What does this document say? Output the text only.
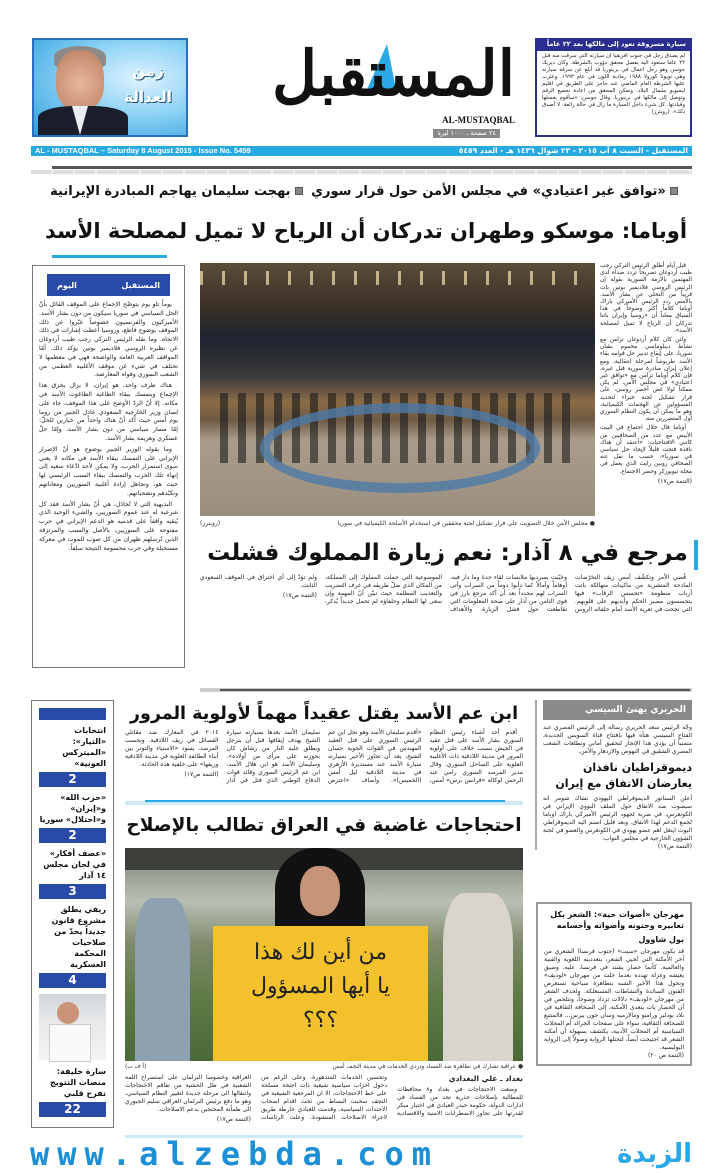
زمن العدالة المستقبل
AL-MUSTAQBAL
٢٤ صفحة ـ ١٠٠٠ ليرة
سيارة مسروقة تعود إلى مالكها بعد ٢٢ عاماً
لم يصدق رجل في جنوب افريقيا ان سيارته التي سرقت منه قبل ٢٢ عاما ستعود اليه بفضل محقق دؤوب بالشرطة. وكان ديريك جوسن وهو رجل اعمال في بريتوريا قد أبلغ عن سرقة سيارته وهي تويوتا كورولا ١٩٨٨ رمادية اللون في عام ١٩٩٣. وعثرت عليها الشرطة العام الماضي عند حاجز على الطريق في اقليم ليمبوبو بشمال البلاد. وتمكن المحقق من اعادة تجميع الرقم وتوصل إلى مالكها في بريتوريا. وقال جوسن: «سأقوم بغسلها وقيادتها. كل شيء داخل السيارة ما زال في حالة رائعة. لا أصدق ذلك». (رويترز)
AL - MUSTAQBAL – Saturday 8 August 2015 - Issue No. 5459	المستقبل - السبت ٨ آب ٢٠١٥ - ٢٣ شوال ١٤٣٦ هـ - العدد ٥٤٥٩
«توافق غير اعتيادي» في مجلس الأمن حول قرار سوري بهجت سليمان يهاجم المبادرة الإيرانية
أوباما: موسكو وطهران تدركان أن الرياح لا تميل لمصلحة الأسد
المستقبل
اليوم

يوماً تلو يوم يتوضّح الإجماع على الموقف القائل بأنّ الحل السياسي في سوريا سيكون من دون بشار الأسد. الأميركيون والفرنسيون خصوصاً عبّروا عن ذلك الموقف بوضوح قاطع، وروسيا أعطت إشارات في ذلك الاتجاه. وما نقله الرئيس التركي رجب طيب أردوغان عن نظيره الروسي فلاديمير بوتين يؤكد ذلك. أمّا المواقف العربية العامة والواضحة فهي في معظمها لا تختلف في شيء عن موقف الأغلبية العظمى من الشعب السوري وقواه المعارضة.

هناك طرف واحد، هو إيران، لا يزال يخرق هذا الإجماع ويتمسك ببقاء الطاغية الطاغوت الأسد في مكانه. إلا أنّ الردّ الأوضح على هذا الموقف، جاء على لسان وزير الخارجية السعودي عادل الجبير من روما يوم أمس حيث أكد أنّ هناك واحداً من خيارين للحلّ: إمّا مسار سياسي من دون بشار الأسد، وإمّا حلّ عسكري وهزيمة بشار الأسد.

وما يقوله الوزير الجبير بوضوح هو أنّ الإصرار الإيراني على التمسك ببقاء الأسد في مكانه لا يعني سوى استمرار الحرب، ولا يمكن لأحد ادّعاء سعيه إلى إنهاء تلك الحرب والتمسك ببقاء السبب الرئيسي لها حيث هو، وتجاهل إرادة أغلبية السوريين ومعاناتهم وتكبّدهم وتضحياتهم.

البديهية التي لا تُجادَل، هي أنّ بشار الأسد فقد كل شرعية له عند عموم السوريين، والشيء الوحيد الذي يُبقيه واقفاً على قدميه هو الدعم الإيراني في حرب مفتوحة على السوريين، بالأصل والسبب والمرتزقة الذين تُرسلهم طهران من كل صوب للموت في معركة مستحيلة وفي حرب محسومة النتيجة سلفاً.

(رويترز)	● مجلس الأمن خلال التصويت على قرار تشكيل لجنة محققين في استخدام الأسلحة الكيميائية في سوريا

قبل أيام أطلق الرئيس التركي رجب طيب أردوغان تصريحاً تردد صداه لدى المهتمين بالأزمة السورية بقوله إن الرئيس الروسي فلاديمير بوتين بات قريباً من التخلي عن بشار الأسد. بالأمس ردد الرئيس الأميركي باراك أوباما كلاماً أكثر وضوحاً في هذا السياق معلناً أن «روسيا وإيران باتتا تدركان أن الرياح لا تميل لمصلحة الأسد».

ولئن كان كلام أردوغان تزامن مع نشاط ديبلوماسي محموم بشأن سوريا، على إيقاع تدبير حل قوامه بقاء الأسد طربوشاً لمرحلة انتقالية، ومع إعلان إيران مبادرة سورية قبل غيره، فإن كلام أوباما تزامن مع «توافق غير اعتيادي» في مجلس الأمن، لم يكن ممكناً لولا غض أخضر روسي، على قرار تشكيل لجنة خبراء لتحديد المسؤولين عن الهجمات الكيميائية، وهو ما يمكن أن يكون النظام السوري أول المتضررين منه.

أوباما قال خلال اجتماع في البيت الأبيض مع عدد من الصحافيين من كاتبي الافتتاحيات: «أعتقد أن هناك نافذة فتحت قليلاً لإيجاد حل سياسي في سوريا»، حسب ما نقل عنه الصحافي روبين رايت الذي يعمل في مجلة نيويوركر وحضر الاجتماع.

(التتمة ص١٧)
مرجع في ٨ آذار: نعم زيارة المملوك فشلت

قُضي الأمر وتكشّف أمس زيف التخرّصات المادحة المتشرية من ماكينات متهالكة باتت أرباب منظومة «تحسس الرقاب» فيها يتحسسون مصير الحكم وأيديهم على قلوبهم. التي نجحت في تعرية الأسد أمام حلفائه الروس وخيّبت بسرديها ملابسات لقاء جدة وما دار فيه، أوهاماً وآمالاً كما دأبوا دوماً من السراب وأتى السراب لهم مجدداً بعد أن أكد مرجع بارز في قوى الثامن من آذار على صحة المعلومات التي تقاطعت حول فشل الزيارة. والأهداف الموضوعية التي حملت المملوك إلى المملكة، من المكان الذي ضلّ طريقه في غرف التضريب والتعذيب المظلمة حيث تبيّن أنّ المهمة وإن سعى لها النظام وحلفاؤه لم تحمل جديداً يُذكر، ولم تؤدّ إلى أي اختراق في الموقف السعودي الثابت.

(التتمة ص١٧)
انتخابات «التيار»: «الميتركس العونية»
2
«حزب الله» و«إيران» و«احتلال» سوريا
2
«عصف أفكار» في لجان مجلس ١٤ آذار
3
ريفي يطلق مشروع قانون جديداً يحدّ من صلاحيات المحكمة العسكرية
4
سارة خليفة: منصات التتويج تفرح قلبي
22
ابن عم الأسد يقتل عقيداً مهماً لأولوية المرور

أقدم أحد أشباء رئيس النظام السوري بشار الأسد على قتل عقيد في الجيش بسبب خلاف على أولوية المرور في مدينة اللاذقية ذات الأغلبية العلوية على الساحل السوري. وقال مدير المرصد السوري رامي عبد الرحمن لوكالة «فرانس برس» أمس، «أقدم سليمان الأسد وهو نجل ابن عم الرئيس السوري على قتل العقيد المهندس في القوات الجوية حسان الشيخ، بعد أن تجاوز الأخير بسيارته سيارة الأسد عند مستديرة الأزهري في مدينة اللاذقية ليل أمس (الخميس)». وأضاف «اعترض سليمان الأسد بعدها بسيارته سيارة الشيخ بهدف إيقافها قبل أن يترجل ويطلق عليه النار من رشاش كان بحوزته على مرأى من أولاده». وسليمان الأسد هو ابن هلال الأسد، ابن عم الرئيس السوري وقائد قوات الدفاع الوطني الذي قتل في آذار ٢٠١٤ في المعارك ضد مقاتلي الفصائل في ريف اللاذقية. وبحسب المرصد، يسود «الاستياء والتوتر بين أبناء الطائفة العلوية في مدينة اللاذقية وريفها» على خلفية هذه الحادثة.

(التتمة ص١٧)
احتجاجات غاضبة في العراق تطالب بالإصلاح
من أين لك هذا
يا أيها المسؤول
؟؟؟
(أ ف ب)	● عراقية تشارك في تظاهرة ضد الفساد وتردي الخدمات في مدينة النجف أمس
بغداد ـ علي البغدادي

وضعت الاحتجاجات في بغداد و٨ محافظات للمطالبة بإصلاحات جذرية تحد من الفساد في ادارات الدولة، حكومة حيدر العبادي في اختبار مبكر لقدرتها على تجاوز الاضطرابات الامنية والاقتصادية وتحسين الخدمات المتدهورة. وعلى الرغم من دخول احزاب سياسية شيعية ذات اجنحة مسلحة على خط الاحتجاجات، الا ان المرجعية الشيعية في النجف سحبت البساط من تحت اقدام اصحاب الاجندات السياسية، وقدمت للعبادي خارطة طريق لاجراء الاصلاحات المنشودة. وعلت الرئاسات العراقية وخصوصا البرلمان على استصراخ اللمة الشعبية في ظل الخشية من تفاقم الاحتجاجات وانتقالها الى مرحلة جديدة لتغيير النظام السياسي، وهو ما دفع برئيس البرلمان العراقي سليم الجبوري الى طمأنة المحتجين بدعم الاصلاحات.

(التتمة ص١٧)
الحريري يهنئ السيسي
وجّه الرئيس سعد الحريري رسالة إلى الرئيس المصري عبد الفتاح السيسي هنأه فيها بافتتاح قناة السويس الجديدة، متمنياً أن يؤدي هذا الإنجاز لتحقيق أماني وتطلعات الشعب المصري الشقيق في النهوض والازدهار والأمن.
ديموقراطيان نافذان يعارضان الاتفاق مع إيران
أعلن السناتور الديموقراطي اليهودي تشاك شومر انه سيصوت ضد الاتفاق حول الملف النووي الإيراني في الكونغرس، في ضربة لجهود الرئيس الأميركي باراك اوباما لجمع الدعم لهذا الاتفاق. وبعد قليل انضم اليه الديموقراطي اليوت اينغل اهم عضو يهودي في الكونغرس والعضو في لجنة الشؤون الخارجية في مجلس النواب.
(التتمة ص١٧)
مهرجان «أصوات حية»: الشعر بكل تعابيره وجنونه وأصواته وأجسامه
بول شاوول
قد يكون مهرجان «سيت» (جنوب فرنسا) الشعري من آخر الأمكنة التي تُحيي الشعر، بتعدديته اللغوية والفنية والعالمية. كأنما حصار يشتد في فرنسا، عليه، وضيق يعيشه وعزلة تهدده بعدما خلت من مهرجان «لوديف» وتحول هذا الأخير الشبه بتظاهرة سياحية تستعرض الفنون السائدة والنشاطات المستعلكة. ولحذف الشعر من مهرجان «لوديف» دلالات تزداد وضوحاً، وتتلخص في أن الحصار بات يتعدى الأمكنة، إلى الصحافة الثقافية في بلاد بودلير ورامبو ومالارميه وسان جون بيرس... فالمتتبع للصحافة الثقافية، سواء على صفحات الجرائد أم المجلات السياسية أم المجلات الأدبية، يكتشف بسهولة أن أمكنة الشعر قد اجتيحت أيضاً، لتحتلها الرواية وصولاً إلى الرواية البوليسية.
(التتمة ص ٢٠)
www.alzebda.com	الزبدة
